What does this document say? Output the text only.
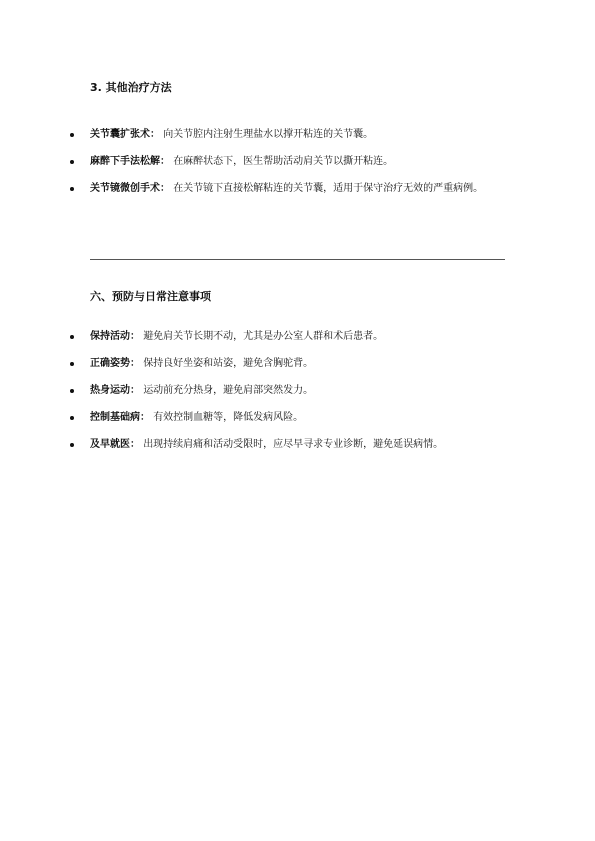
3. 其他治疗方法
关节囊扩张术： 向关节腔内注射生理盐水以撑开粘连的关节囊。
麻醉下手法松解： 在麻醉状态下，医生帮助活动肩关节以撕开粘连。
关节镜微创手术： 在关节镜下直接松解粘连的关节囊，适用于保守治疗无效的严重病例。
六、预防与日常注意事项
保持活动： 避免肩关节长期不动，尤其是办公室人群和术后患者。
正确姿势： 保持良好坐姿和站姿，避免含胸驼背。
热身运动： 运动前充分热身，避免肩部突然发力。
控制基础病： 有效控制血糖等，降低发病风险。
及早就医： 出现持续肩痛和活动受限时，应尽早寻求专业诊断，避免延误病情。
